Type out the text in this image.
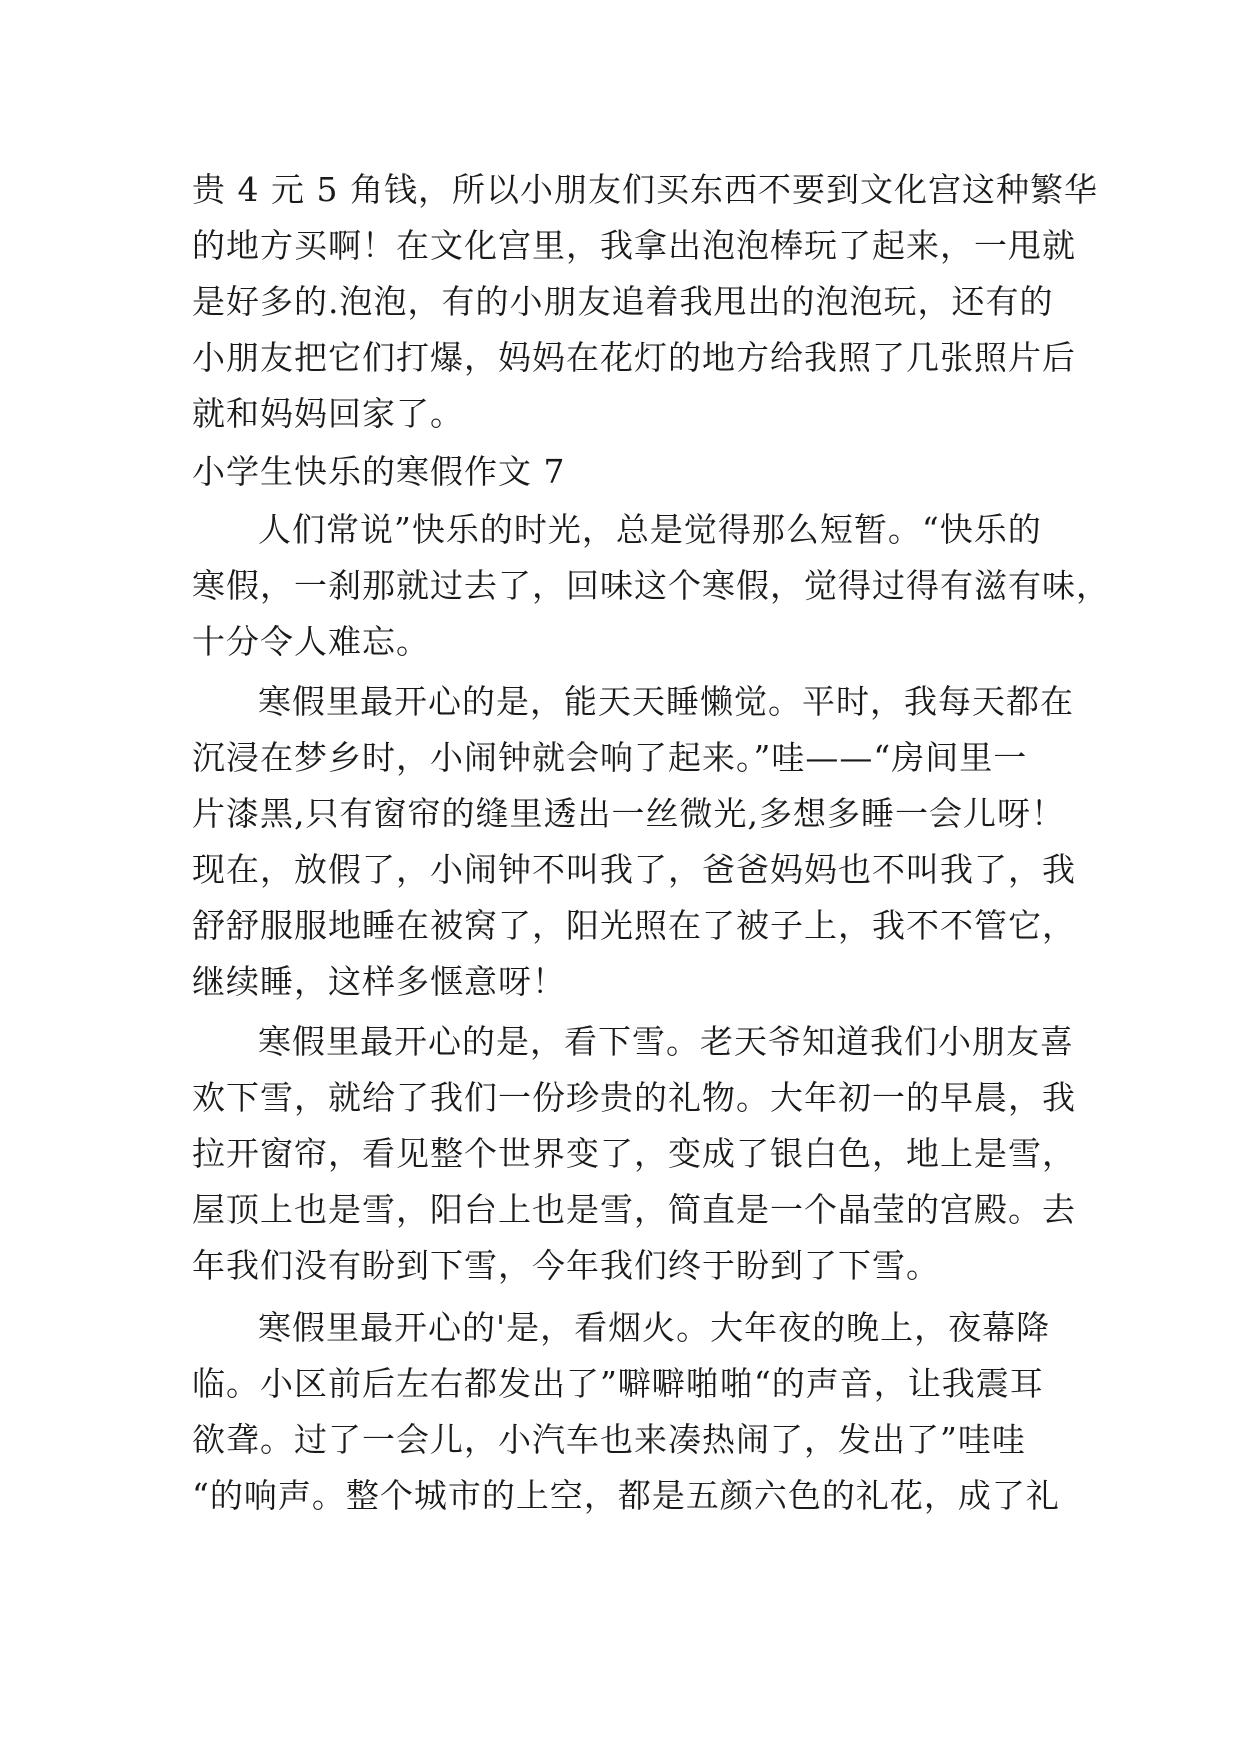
贵 4 元 5 角钱，所以小朋友们买东西不要到文化宫这种繁华
的地方买啊！在文化宫里，我拿出泡泡棒玩了起来，一甩就
是好多的.泡泡，有的小朋友追着我甩出的泡泡玩，还有的
小朋友把它们打爆，妈妈在花灯的地方给我照了几张照片后
就和妈妈回家了。
小学生快乐的寒假作文 7
人们常说”快乐的时光，总是觉得那么短暂。“快乐的
寒假，一刹那就过去了，回味这个寒假，觉得过得有滋有味，
十分令人难忘。
寒假里最开心的是，能天天睡懒觉。平时，我每天都在
沉浸在梦乡时，小闹钟就会响了起来。”哇——“房间里一
片漆黑,只有窗帘的缝里透出一丝微光,多想多睡一会儿呀！
现在，放假了，小闹钟不叫我了，爸爸妈妈也不叫我了，我
舒舒服服地睡在被窝了，阳光照在了被子上，我不不管它，
继续睡，这样多惬意呀！
寒假里最开心的是，看下雪。老天爷知道我们小朋友喜
欢下雪，就给了我们一份珍贵的礼物。大年初一的早晨，我
拉开窗帘，看见整个世界变了，变成了银白色，地上是雪，
屋顶上也是雪，阳台上也是雪，简直是一个晶莹的宫殿。去
年我们没有盼到下雪，今年我们终于盼到了下雪。
寒假里最开心的'是，看烟火。大年夜的晚上，夜幕降
临。小区前后左右都发出了”噼噼啪啪“的声音，让我震耳
欲聋。过了一会儿，小汽车也来凑热闹了，发出了”哇哇
“的响声。整个城市的上空，都是五颜六色的礼花，成了礼
